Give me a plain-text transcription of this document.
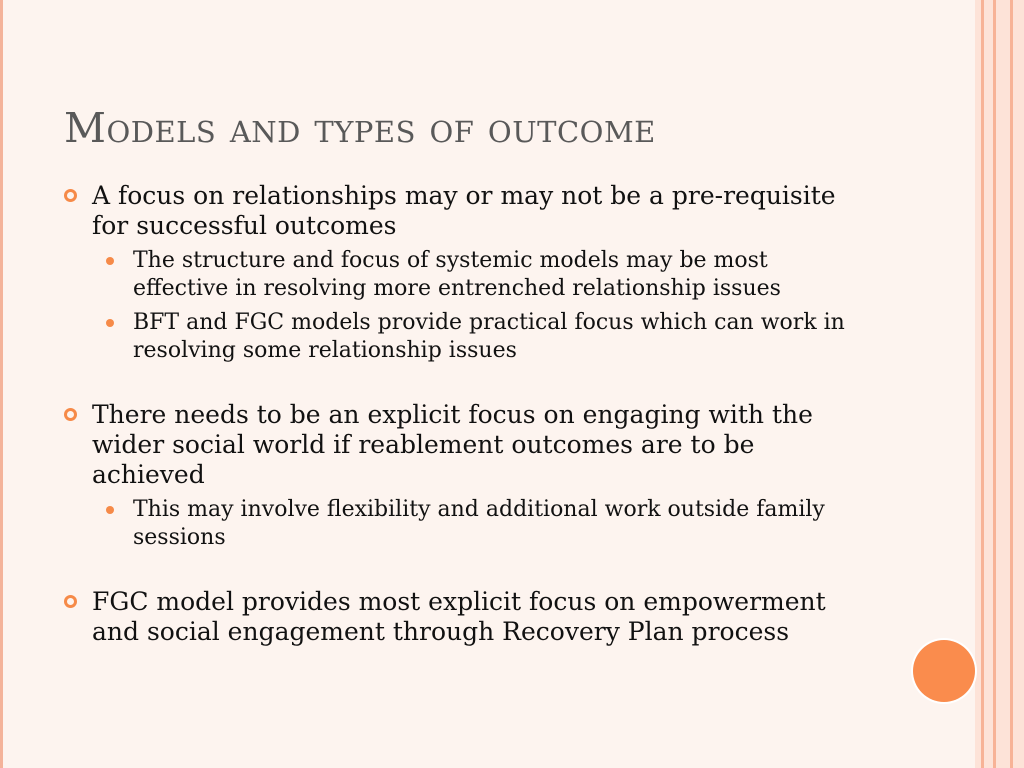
Models and types of outcome

A focus on relationships may or may not be a pre-requisite for successful outcomes

The structure and focus of systemic models may be most effective in resolving more entrenched relationship issues

BFT and FGC models provide practical focus which can work in resolving some relationship issues

There needs to be an explicit focus on engaging with the wider social world if reablement outcomes are to be achieved

This may involve flexibility and additional work outside family sessions

FGC model provides most explicit focus on empowerment and social engagement through Recovery Plan process
